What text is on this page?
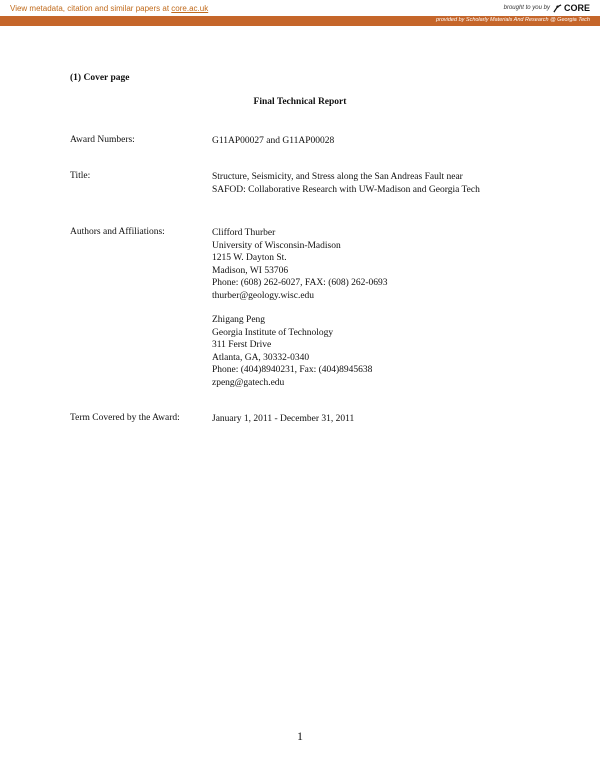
View metadata, citation and similar papers at core.ac.uk	brought to you by CORE
provided by Scholarly Materials And Research @ Georgia Tech
(1) Cover page
Final Technical Report
Award Numbers:	G11AP00027 and G11AP00028
Title:	Structure, Seismicity, and Stress along the San Andreas Fault near
SAFOD: Collaborative Research with UW-Madison and Georgia Tech
Authors and Affiliations:	Clifford Thurber
University of Wisconsin-Madison
1215 W. Dayton St.
Madison, WI 53706
Phone: (608) 262-6027, FAX: (608) 262-0693
thurber@geology.wisc.edu
Zhigang Peng
Georgia Institute of Technology
311 Ferst Drive
Atlanta, GA, 30332-0340
Phone: (404)8940231, Fax: (404)8945638
zpeng@gatech.edu
Term Covered by the Award:	January 1, 2011 - December 31, 2011
1
